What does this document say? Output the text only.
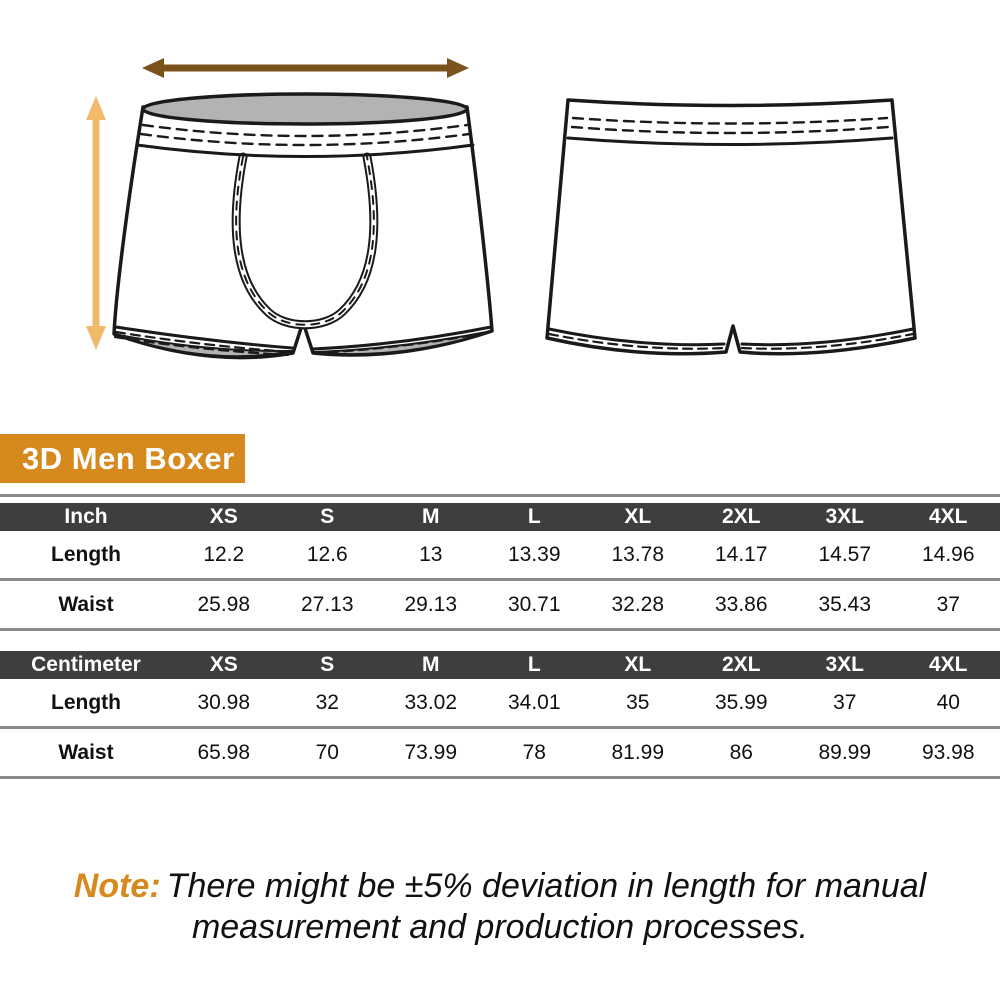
3D Men Boxer
Inch	XS	S	M	L	XL	2XL	3XL	4XL
Length	12.2	12.6	13	13.39	13.78	14.17	14.57	14.96
Waist	25.98	27.13	29.13	30.71	32.28	33.86	35.43	37
Centimeter	XS	S	M	L	XL	2XL	3XL	4XL
Length	30.98	32	33.02	34.01	35	35.99	37	40
Waist	65.98	70	73.99	78	81.99	86	89.99	93.98
Note: There might be ±5% deviation in length for manual measurement and production processes.
